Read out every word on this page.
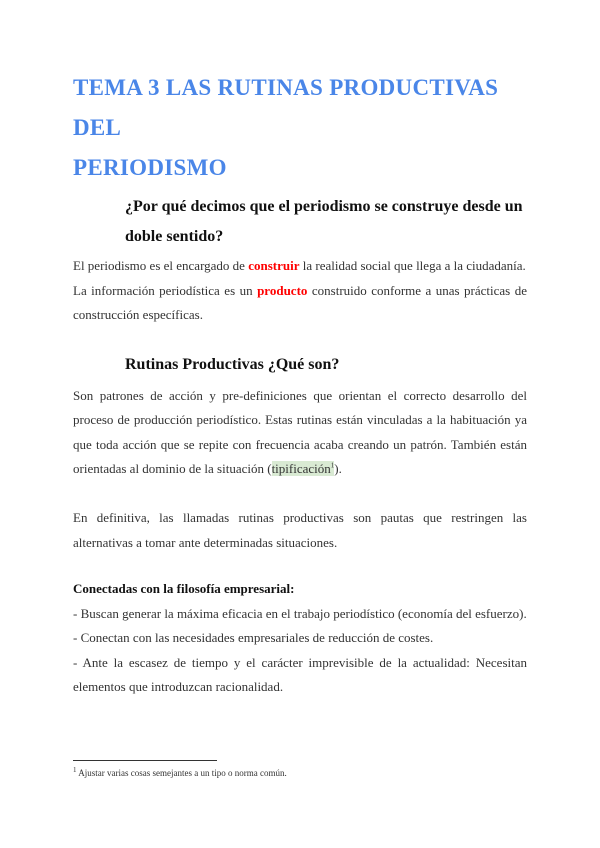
TEMA 3 LAS RUTINAS PRODUCTIVAS DEL
PERIODISMO
¿Por qué decimos que el periodismo se construye desde un doble sentido?

El periodismo es el encargado de construir la realidad social que llega a la ciudadanía.

La información periodística es un producto construido conforme a unas prácticas de construcción específicas.

Rutinas Productivas ¿Qué son?

Son patrones de acción y pre-definiciones que orientan el correcto desarrollo del proceso de producción periodístico. Estas rutinas están vinculadas a la habituación ya que toda acción que se repite con frecuencia acaba creando un patrón. También están orientadas al dominio de la situación (tipificación$^1$).

En definitiva, las llamadas rutinas productivas son pautas que restringen las alternativas a tomar ante determinadas situaciones.

Conectadas con la filosofía empresarial:

- Buscan generar la máxima eficacia en el trabajo periodístico (economía del esfuerzo).

- Conectan con las necesidades empresariales de reducción de costes.

- Ante la escasez de tiempo y el carácter imprevisible de la actualidad: Necesitan elementos que introduzcan racionalidad.

$^1$ Ajustar varias cosas semejantes a un tipo o norma común.
